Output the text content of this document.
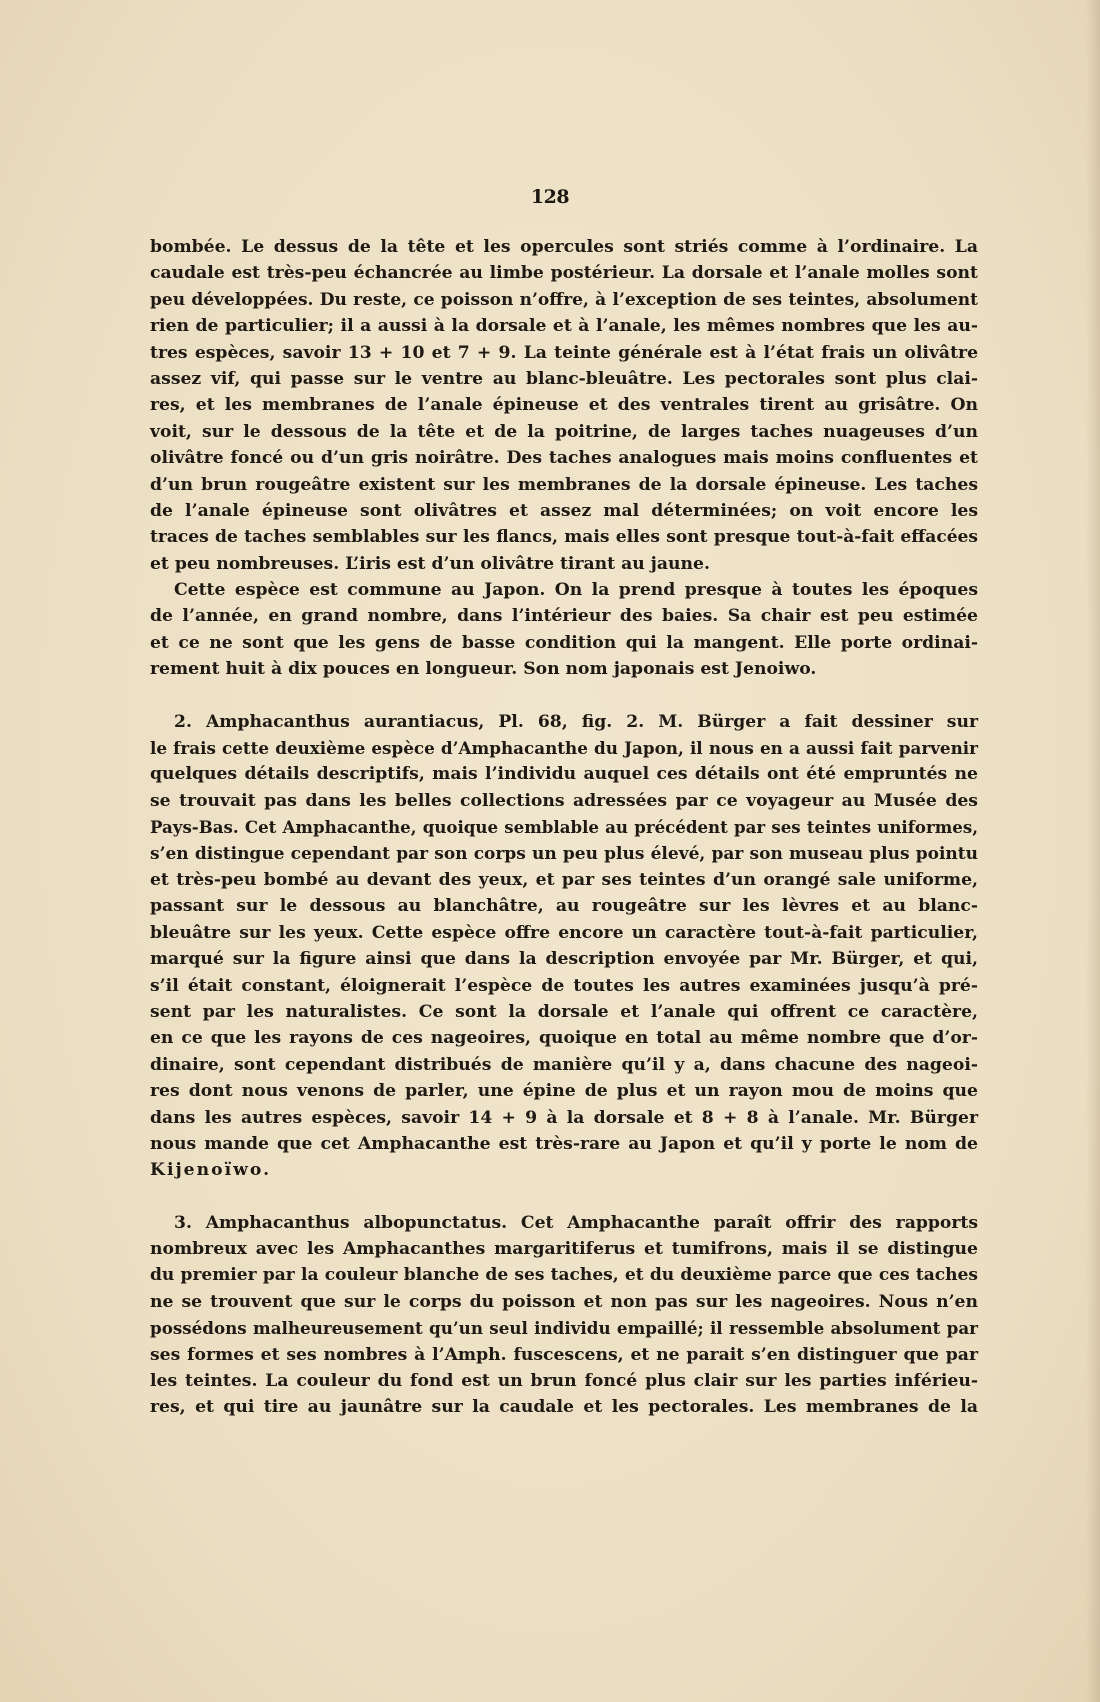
128
bombée. Le dessus de la tête et les opercules sont striés comme à l’ordinaire. La
caudale est très-peu échancrée au limbe postérieur. La dorsale et l’anale molles sont
peu développées. Du reste, ce poisson n’offre, à l’exception de ses teintes, absolument
rien de particulier; il a aussi à la dorsale et à l’anale, les mêmes nombres que les au-
tres espèces, savoir 13 + 10 et 7 + 9. La teinte générale est à l’état frais un olivâtre
assez vif, qui passe sur le ventre au blanc-bleuâtre. Les pectorales sont plus clai-
res, et les membranes de l’anale épineuse et des ventrales tirent au grisâtre. On
voit, sur le dessous de la tête et de la poitrine, de larges taches nuageuses d’un
olivâtre foncé ou d’un gris noirâtre. Des taches analogues mais moins confluentes et
d’un brun rougeâtre existent sur les membranes de la dorsale épineuse. Les taches
de l’anale épineuse sont olivâtres et assez mal déterminées; on voit encore les
traces de taches semblables sur les flancs, mais elles sont presque tout-à-fait effacées
et peu nombreuses. L’iris est d’un olivâtre tirant au jaune.
Cette espèce est commune au Japon. On la prend presque à toutes les époques
de l’année, en grand nombre, dans l’intérieur des baies. Sa chair est peu estimée
et ce ne sont que les gens de basse condition qui la mangent. Elle porte ordinai-
rement huit à dix pouces en longueur. Son nom japonais est Jenoiwo.
2. Amphacanthus aurantiacus, Pl. 68, fig. 2. M. Bürger a fait dessiner sur
le frais cette deuxième espèce d’Amphacanthe du Japon, il nous en a aussi fait parvenir
quelques détails descriptifs, mais l’individu auquel ces détails ont été empruntés ne
se trouvait pas dans les belles collections adressées par ce voyageur au Musée des
Pays-Bas. Cet Amphacanthe, quoique semblable au précédent par ses teintes uniformes,
s’en distingue cependant par son corps un peu plus élevé, par son museau plus pointu
et très-peu bombé au devant des yeux, et par ses teintes d’un orangé sale uniforme,
passant sur le dessous au blanchâtre, au rougeâtre sur les lèvres et au blanc-
bleuâtre sur les yeux. Cette espèce offre encore un caractère tout-à-fait particulier,
marqué sur la figure ainsi que dans la description envoyée par Mr. Bürger, et qui,
s’il était constant, éloignerait l’espèce de toutes les autres examinées jusqu’à pré-
sent par les naturalistes. Ce sont la dorsale et l’anale qui offrent ce caractère,
en ce que les rayons de ces nageoires, quoique en total au même nombre que d’or-
dinaire, sont cependant distribués de manière qu’il y a, dans chacune des nageoi-
res dont nous venons de parler, une épine de plus et un rayon mou de moins que
dans les autres espèces, savoir 14 + 9 à la dorsale et 8 + 8 à l’anale. Mr. Bürger
nous mande que cet Amphacanthe est très-rare au Japon et qu’il y porte le nom de
Kijenoïwo.
3. Amphacanthus albopunctatus. Cet Amphacanthe paraît offrir des rapports
nombreux avec les Amphacanthes margaritiferus et tumifrons, mais il se distingue
du premier par la couleur blanche de ses taches, et du deuxième parce que ces taches
ne se trouvent que sur le corps du poisson et non pas sur les nageoires. Nous n’en
possédons malheureusement qu’un seul individu empaillé; il ressemble absolument par
ses formes et ses nombres à l’Amph. fuscescens, et ne parait s’en distinguer que par
les teintes. La couleur du fond est un brun foncé plus clair sur les parties inférieu-
res, et qui tire au jaunâtre sur la caudale et les pectorales. Les membranes de la
